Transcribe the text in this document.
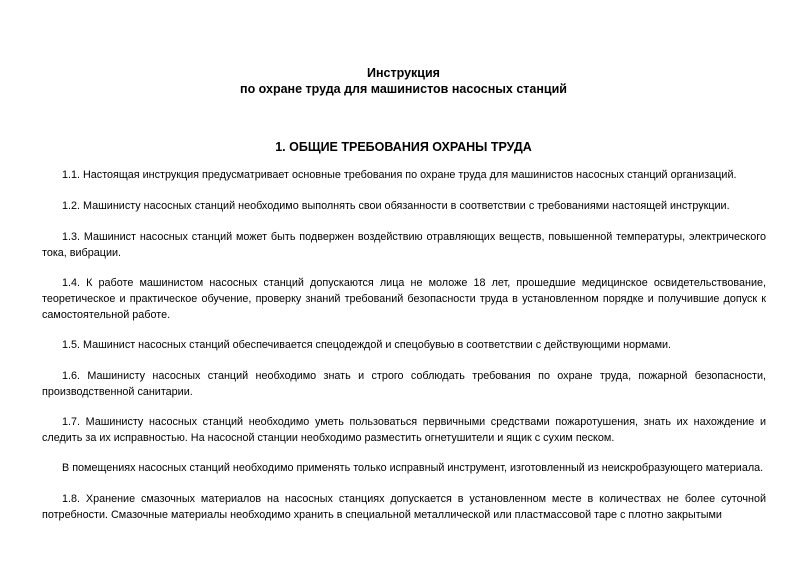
Инструкция
по охране труда для машинистов насосных станций
1. ОБЩИЕ ТРЕБОВАНИЯ ОХРАНЫ ТРУДА

1.1. Настоящая инструкция предусматривает основные требования по охране труда для машинистов насосных станций организаций.

1.2. Машинисту насосных станций необходимо выполнять свои обязанности в соответствии с требованиями настоящей инструкции.

1.3. Машинист насосных станций может быть подвержен воздействию отравляющих веществ, повышенной температуры, электрического тока, вибрации.

1.4. К работе машинистом насосных станций допускаются лица не моложе 18 лет, прошедшие медицинское освидетельствование, теоретическое и практическое обучение, проверку знаний требований безопасности труда в установленном порядке и получившие допуск к самостоятельной работе.

1.5. Машинист насосных станций обеспечивается спецодеждой и спецобувью в соответствии с действующими нормами.

1.6. Машинисту насосных станций необходимо знать и строго соблюдать требования по охране труда, пожарной безопасности, производственной санитарии.

1.7. Машинисту насосных станций необходимо уметь пользоваться первичными средствами пожаротушения, знать их нахождение и следить за их исправностью. На насосной станции необходимо разместить огнетушители и ящик с сухим песком.

В помещениях насосных станций необходимо применять только исправный инструмент, изготовленный из неискробразующего материала.

1.8. Хранение смазочных материалов на насосных станциях допускается в установленном месте в количествах не более суточной потребности. Смазочные материалы необходимо хранить в специальной металлической или пластмассовой таре с плотно закрытыми
